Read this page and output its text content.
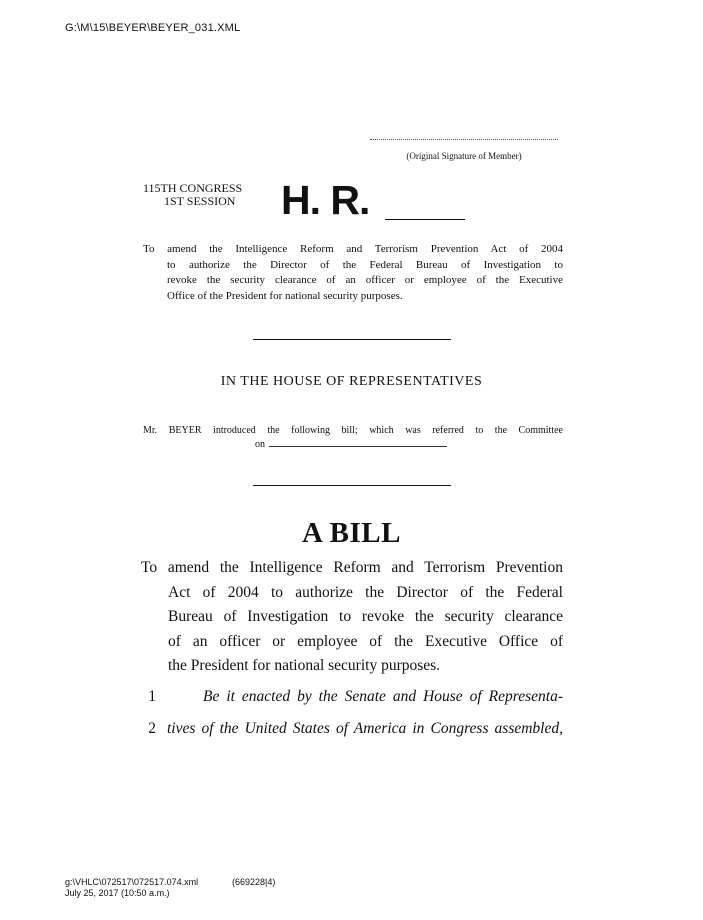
G:\M\15\BEYER\BEYER_031.XML
(Original Signature of Member)
115TH CONGRESS
1ST SESSION	H. R.
To amend the Intelligence Reform and Terrorism Prevention Act of 2004
to authorize the Director of the Federal Bureau of Investigation to
revoke the security clearance of an officer or employee of the Executive
Office of the President for national security purposes.
IN THE HOUSE OF REPRESENTATIVES
Mr. BEYER introduced the following bill; which was referred to the Committee
on
A BILL
To amend the Intelligence Reform and Terrorism Prevention
Act of 2004 to authorize the Director of the Federal
Bureau of Investigation to revoke the security clearance
of an officer or employee of the Executive Office of
the President for national security purposes.
1	Be it enacted by the Senate and House of Representa-
2 tives of the United States of America in Congress assembled,
g:\VHLC\072517\072517.074.xml	(669228|4)
July 25, 2017 (10:50 a.m.)
